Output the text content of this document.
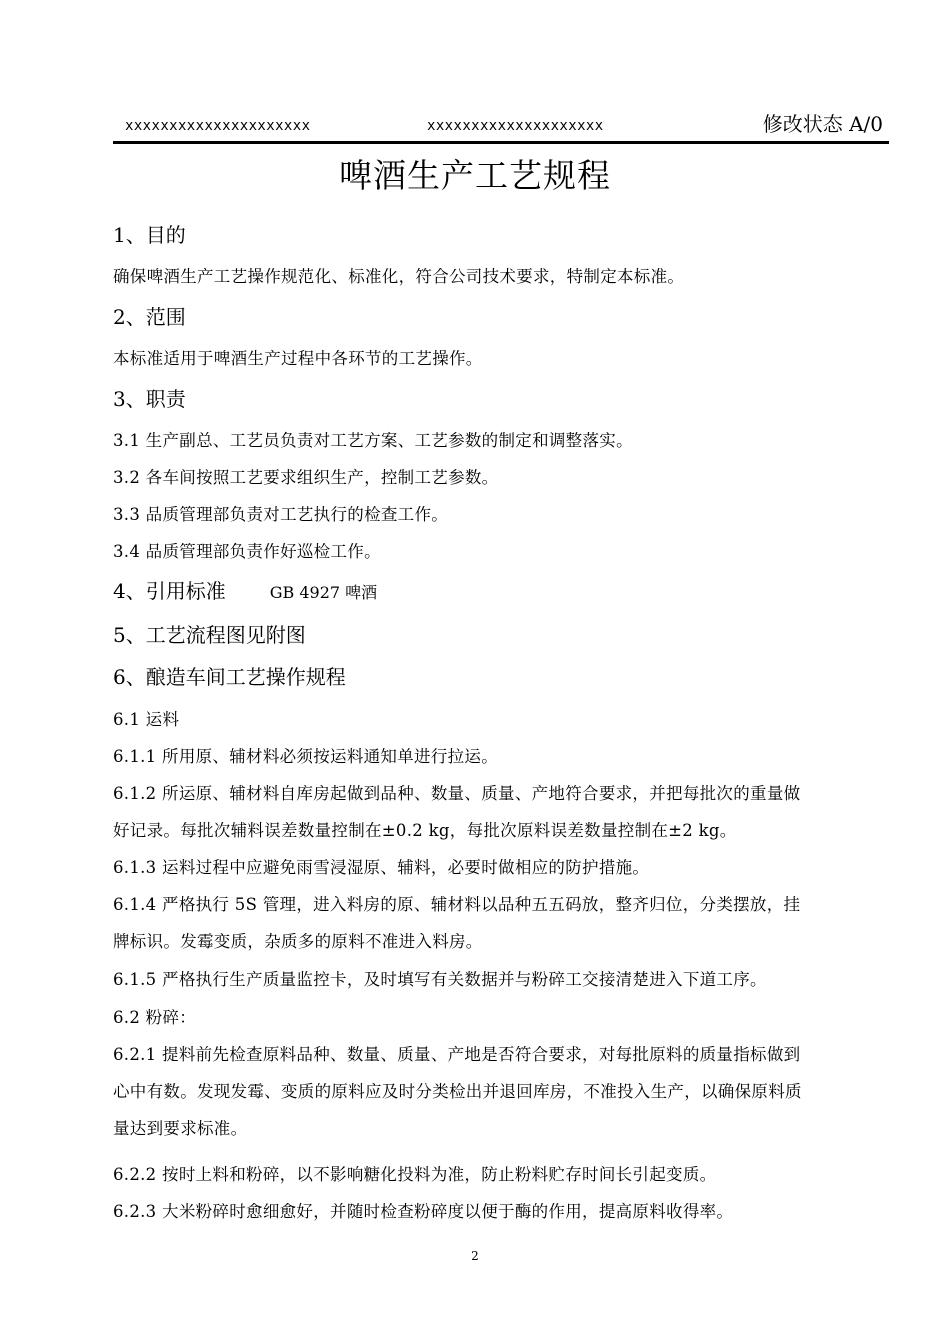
xxxxxxxxxxxxxxxxxxxxx	xxxxxxxxxxxxxxxxxxxx	修改状态 A/0
啤酒生产工艺规程
1、目的
确保啤酒生产工艺操作规范化、标准化，符合公司技术要求，特制定本标准。
2、范围
本标准适用于啤酒生产过程中各环节的工艺操作。
3、职责
3.1 生产副总、工艺员负责对工艺方案、工艺参数的制定和调整落实。
3.2 各车间按照工艺要求组织生产，控制工艺参数。
3.3 品质管理部负责对工艺执行的检查工作。
3.4 品质管理部负责作好巡检工作。
4、引用标准	GB 4927 啤酒
5、工艺流程图见附图
6、酿造车间工艺操作规程
6.1 运料
6.1.1 所用原、辅材料必须按运料通知单进行拉运。
6.1.2 所运原、辅材料自库房起做到品种、数量、质量、产地符合要求，并把每批次的重量做
好记录。每批次辅料误差数量控制在±0.2 kg，每批次原料误差数量控制在±2 kg。
6.1.3 运料过程中应避免雨雪浸湿原、辅料，必要时做相应的防护措施。
6.1.4 严格执行 5S 管理，进入料房的原、辅材料以品种五五码放，整齐归位，分类摆放，挂
牌标识。发霉变质，杂质多的原料不准进入料房。
6.1.5 严格执行生产质量监控卡，及时填写有关数据并与粉碎工交接清楚进入下道工序。
6.2 粉碎：
6.2.1 提料前先检查原料品种、数量、质量、产地是否符合要求，对每批原料的质量指标做到
心中有数。发现发霉、变质的原料应及时分类检出并退回库房，不准投入生产，以确保原料质
量达到要求标准。
6.2.2 按时上料和粉碎，以不影响糖化投料为准，防止粉料贮存时间长引起变质。
6.2.3 大米粉碎时愈细愈好，并随时检查粉碎度以便于酶的作用，提高原料收得率。
2
